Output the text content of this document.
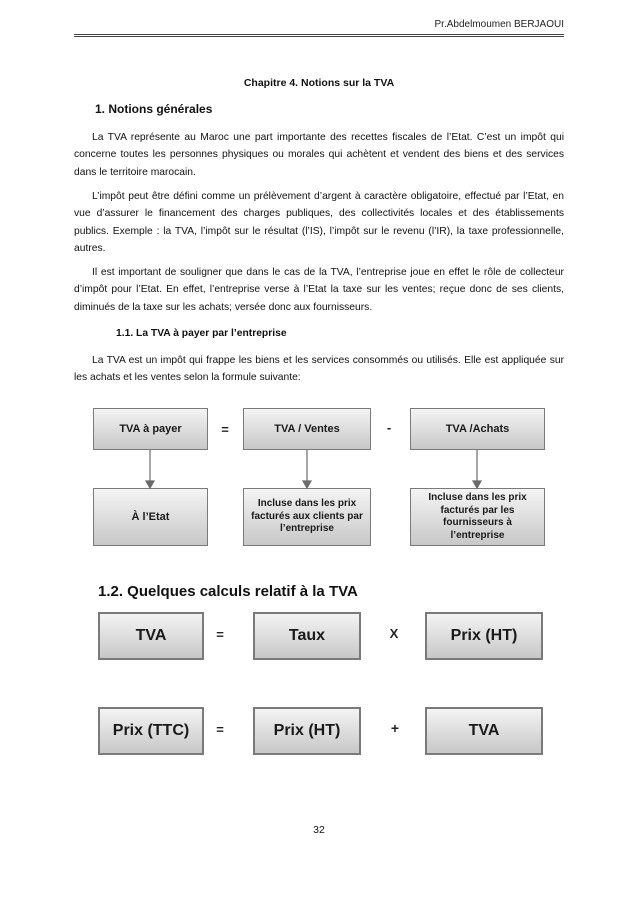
Pr.Abdelmoumen BERJAOUI
Chapitre 4. Notions sur la TVA
1. Notions générales

La TVA représente au Maroc une part importante des recettes fiscales de l’Etat. C’est un impôt qui concerne toutes les personnes physiques ou morales qui achètent et vendent des biens et des services dans le territoire marocain.

L’impôt peut être défini comme un prélèvement d’argent à caractère obligatoire, effectué par l’Etat, en vue d’assurer le financement des charges publiques, des collectivités locales et des établissements publics. Exemple : la TVA, l’impôt sur le résultat (l’IS), l’impôt sur le revenu (l’IR), la taxe professionnelle, autres.

Il est important de souligner que dans le cas de la TVA, l’entreprise joue en effet le rôle de collecteur d’impôt pour l’Etat. En effet, l’entreprise verse à l’Etat la taxe sur les ventes; reçue donc de ses clients, diminués de la taxe sur les achats; versée donc aux fournisseurs.

1.1. La TVA à payer par l’entreprise

La TVA est un impôt qui frappe les biens et les services consommés ou utilisés. Elle est appliquée sur les achats et les ventes selon la formule suivante:

TVA à payer	=	TVA / Ventes	-	TVA /Achats
À l’Etat
Incluse dans les prix facturés aux clients par l’entreprise
Incluse dans les prix facturés par les fournisseurs à l’entreprise
1.2. Quelques calculs relatif à la TVA
TVA	=	Taux	X	Prix (HT)
Prix (TTC)	=	Prix (HT)	+	TVA
32
